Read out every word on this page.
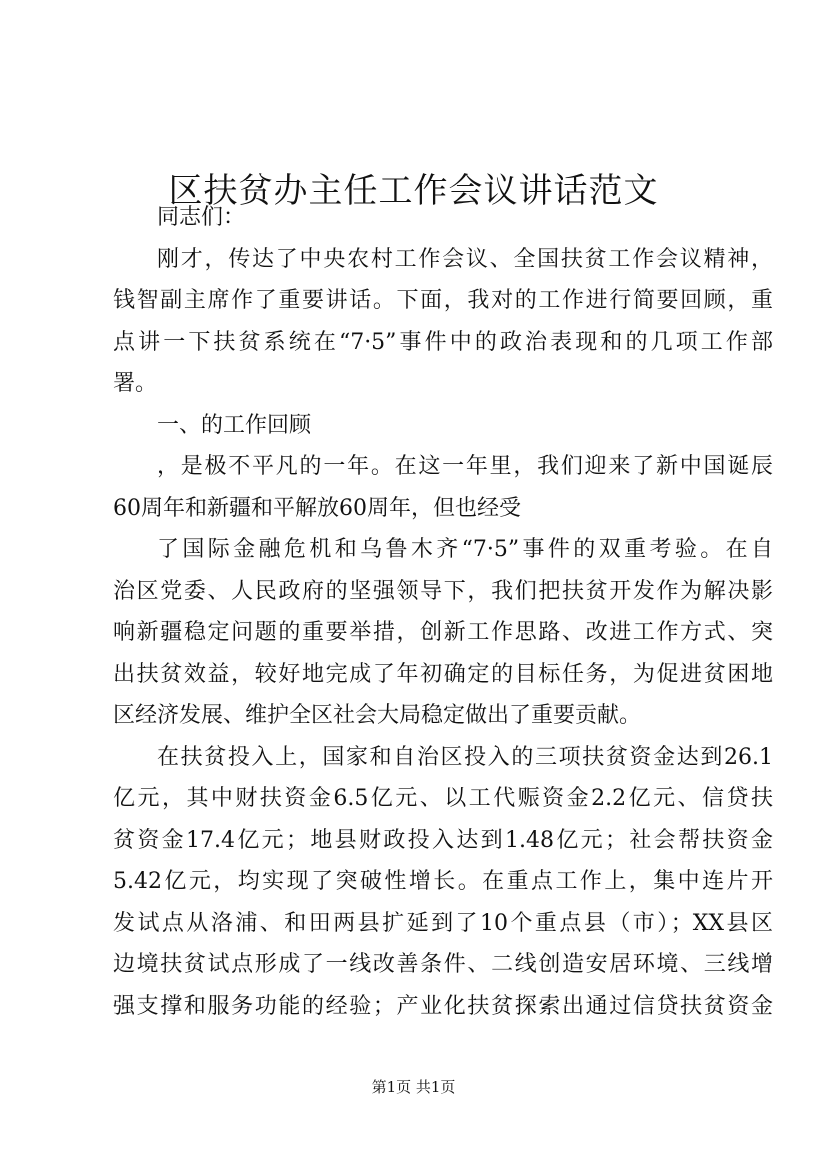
区扶贫办主任工作会议讲话范文
同志们：
刚才，传达了中央农村工作会议、全国扶贫工作会议精神，
钱智副主席作了重要讲话。下面，我对的工作进行简要回顾，重
点讲一下扶贫系统在“7·5”事件中的政治表现和的几项工作部
署。
一、的工作回顾
，是极不平凡的一年。在这一年里，我们迎来了新中国诞辰
60周年和新疆和平解放60周年，但也经受
了国际金融危机和乌鲁木齐“7·5”事件的双重考验。在自
治区党委、人民政府的坚强领导下，我们把扶贫开发作为解决影
响新疆稳定问题的重要举措，创新工作思路、改进工作方式、突
出扶贫效益，较好地完成了年初确定的目标任务，为促进贫困地
区经济发展、维护全区社会大局稳定做出了重要贡献。
在扶贫投入上，国家和自治区投入的三项扶贫资金达到26.1
亿元，其中财扶资金6.5亿元、以工代赈资金2.2亿元、信贷扶
贫资金17.4亿元；地县财政投入达到1.48亿元；社会帮扶资金
5.42亿元，均实现了突破性增长。在重点工作上，集中连片开
发试点从洛浦、和田两县扩延到了10个重点县（市）；XX县区
边境扶贫试点形成了一线改善条件、二线创造安居环境、三线增
强支撑和服务功能的经验；产业化扶贫探索出通过信贷扶贫资金
第1页 共1页
